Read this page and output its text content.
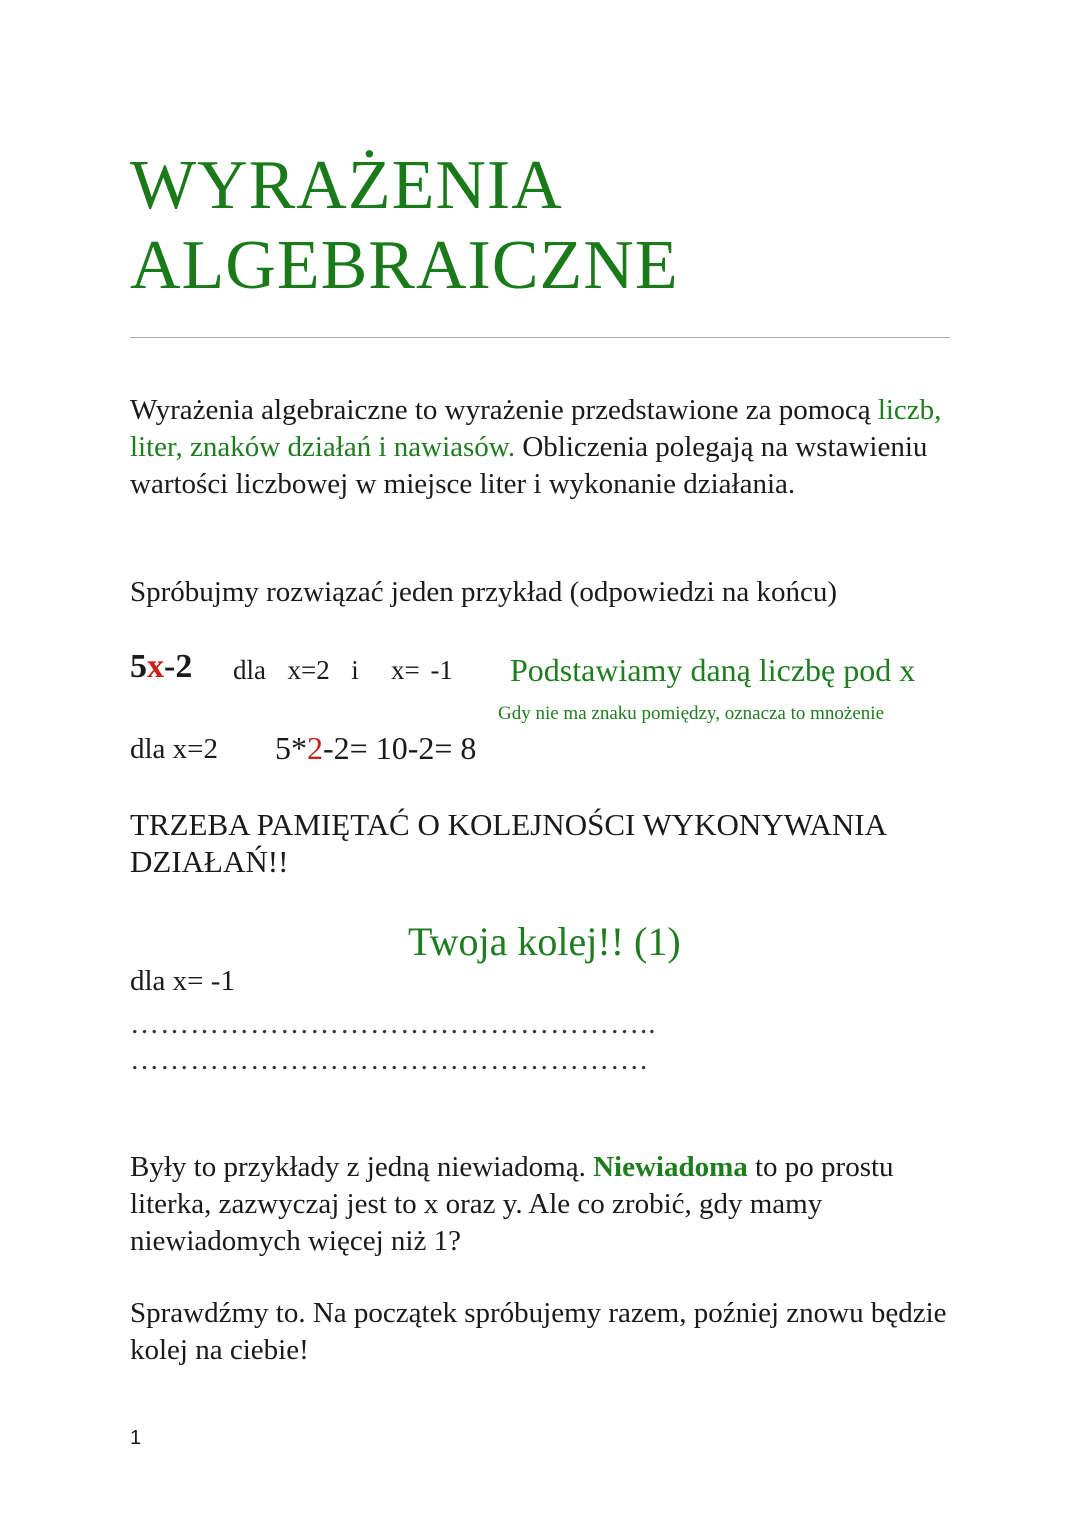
WYRAŻENIA
ALGEBRAICZNE
Wyrażenia algebraiczne to wyrażenie przedstawione za pomocą liczb, liter, znaków działań i nawiasów. Obliczenia polegają na wstawieniu wartości liczbowej w miejsce liter i wykonanie działania.
Spróbujmy rozwiązać jeden przykład (odpowiedzi na końcu)
5x-2 dla  x=2  i   x= -1 Podstawiamy daną liczbę pod x
Gdy nie ma znaku pomiędzy, oznacza to mnożenie
dla x=2 5*2-2= 10-2= 8
TRZEBA PAMIĘTAĆ O KOLEJNOŚCI WYKONYWANIA DZIAŁAŃ!!
Twoja kolej!! (1)
dla x= -1
……………………………………………..
…………………………………………….
Były to przykłady z jedną niewiadomą. Niewiadoma to po prostu literka, zazwyczaj jest to x oraz y. Ale co zrobić, gdy mamy niewiadomych więcej niż 1?
Sprawdźmy to. Na początek spróbujemy razem, poźniej znowu będzie kolej na ciebie!
1
